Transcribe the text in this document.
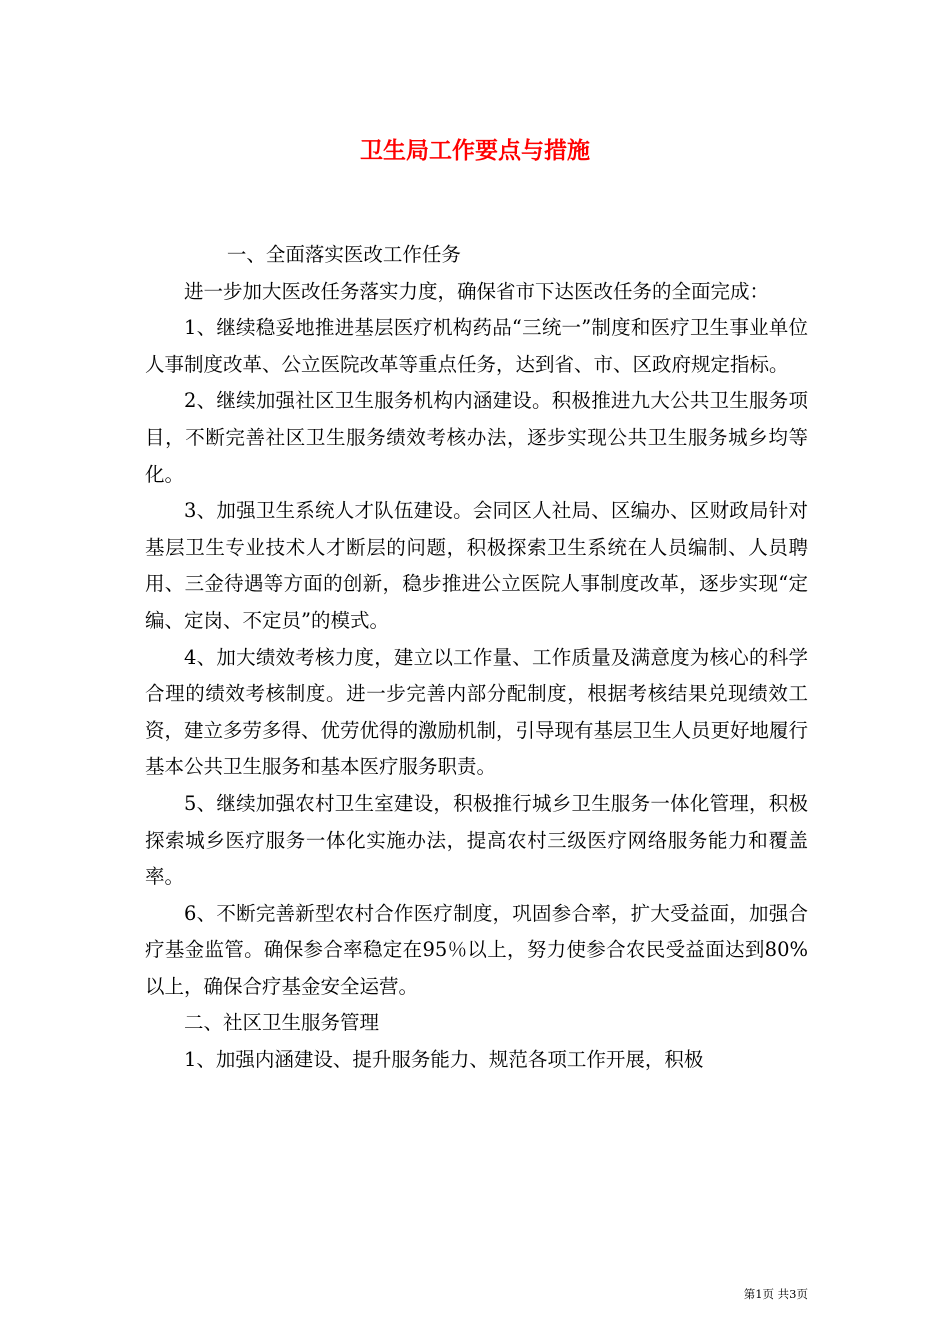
卫生局工作要点与措施

一、全面落实医改工作任务

进一步加大医改任务落实力度，确保省市下达医改任务的全面完成：

1、继续稳妥地推进基层医疗机构药品“三统一”制度和医疗卫生事业单位人事制度改革、公立医院改革等重点任务，达到省、市、区政府规定指标。

2、继续加强社区卫生服务机构内涵建设。积极推进九大公共卫生服务项目，不断完善社区卫生服务绩效考核办法，逐步实现公共卫生服务城乡均等化。

3、加强卫生系统人才队伍建设。会同区人社局、区编办、区财政局针对基层卫生专业技术人才断层的问题，积极探索卫生系统在人员编制、人员聘用、三金待遇等方面的创新，稳步推进公立医院人事制度改革，逐步实现“定编、定岗、不定员”的模式。

4、加大绩效考核力度，建立以工作量、工作质量及满意度为核心的科学合理的绩效考核制度。进一步完善内部分配制度，根据考核结果兑现绩效工资，建立多劳多得、优劳优得的激励机制，引导现有基层卫生人员更好地履行基本公共卫生服务和基本医疗服务职责。

5、继续加强农村卫生室建设，积极推行城乡卫生服务一体化管理，积极探索城乡医疗服务一体化实施办法，提高农村三级医疗网络服务能力和覆盖率。

6、不断完善新型农村合作医疗制度，巩固参合率，扩大受益面，加强合疗基金监管。确保参合率稳定在95％以上，努力使参合农民受益面达到80%以上，确保合疗基金安全运营。

二、社区卫生服务管理

1、加强内涵建设、提升服务能力、规范各项工作开展，积极

第1页 共3页
